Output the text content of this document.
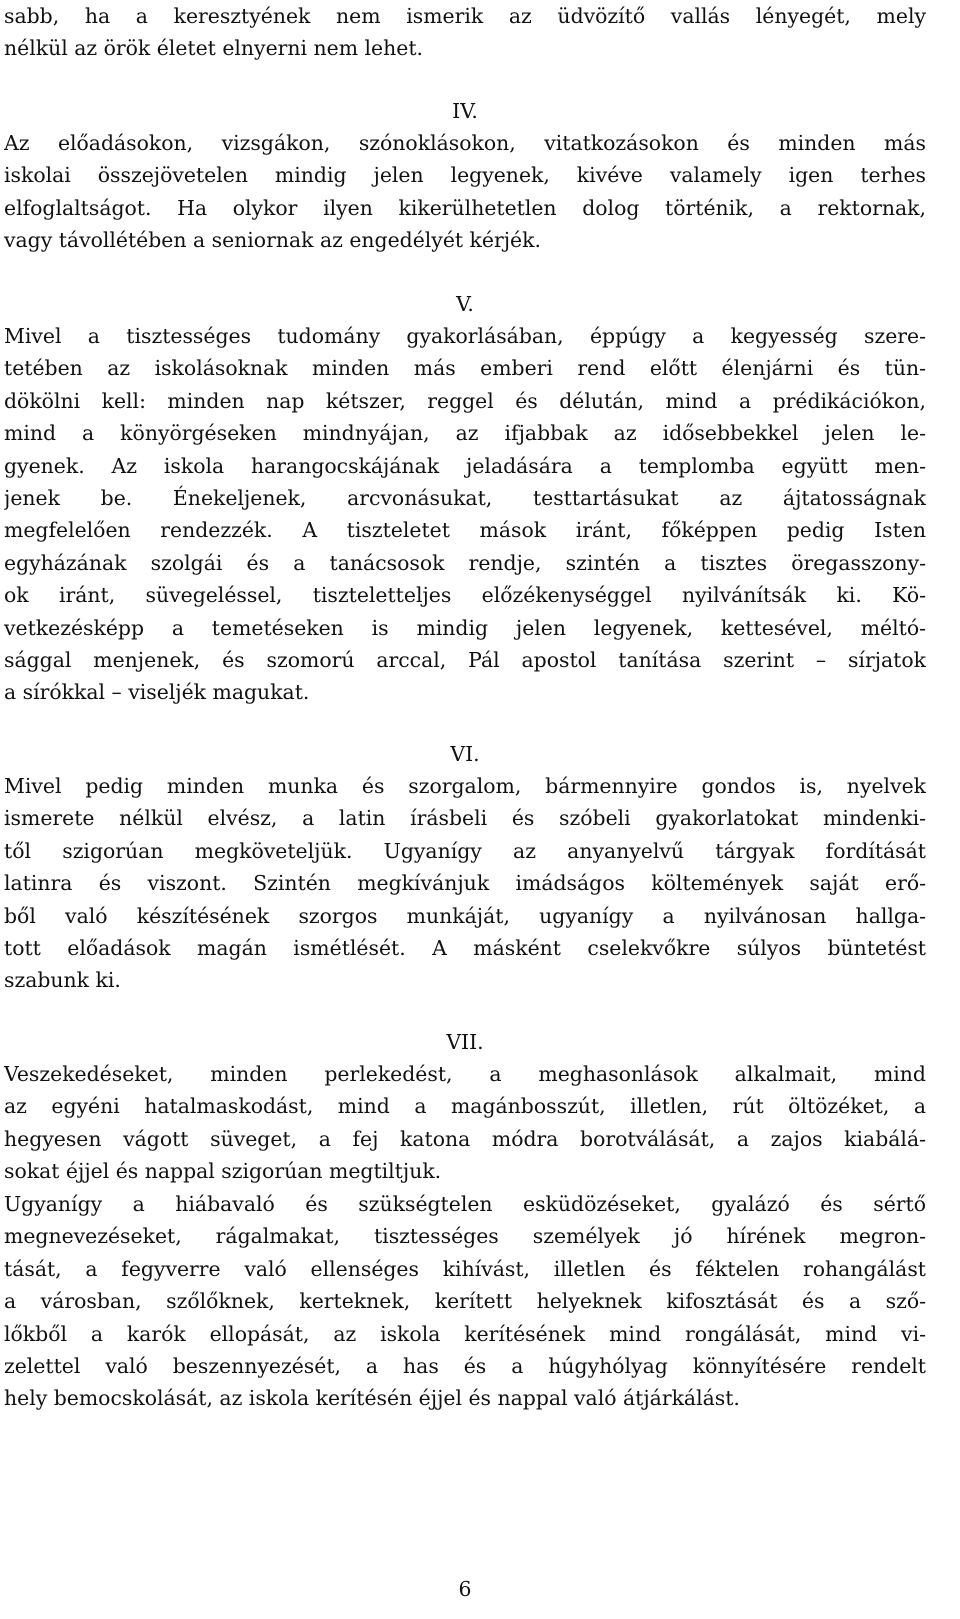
sabb, ha a keresztyének nem ismerik az üdvözítő vallás lényegét, mely
nélkül az örök életet elnyerni nem lehet.
IV.
Az előadásokon, vizsgákon, szónoklásokon, vitatkozásokon és minden más
iskolai összejövetelen mindig jelen legyenek, kivéve valamely igen terhes
elfoglaltságot. Ha olykor ilyen kikerülhetetlen dolog történik, a rektornak,
vagy távollétében a seniornak az engedélyét kérjék.
V.
Mivel a tisztességes tudomány gyakorlásában, éppúgy a kegyesség szere-
tetében az iskolásoknak minden más emberi rend előtt élenjárni és tün-
dökölni kell: minden nap kétszer, reggel és délután, mind a prédikációkon,
mind a könyörgéseken mindnyájan, az ifjabbak az idősebbekkel jelen le-
gyenek. Az iskola harangocskájának jeladására a templomba együtt men-
jenek be. Énekeljenek, arcvonásukat, testtartásukat az ájtatosságnak
megfelelően rendezzék. A tiszteletet mások iránt, főképpen pedig Isten
egyházának szolgái és a tanácsosok rendje, szintén a tisztes öregasszony-
ok iránt, süvegeléssel, tiszteletteljes előzékenységgel nyilvánítsák ki. Kö-
vetkezésképp a temetéseken is mindig jelen legyenek, kettesével, méltó-
sággal menjenek, és szomorú arccal, Pál apostol tanítása szerint – sírjatok
a sírókkal – viseljék magukat.
VI.
Mivel pedig minden munka és szorgalom, bármennyire gondos is, nyelvek
ismerete nélkül elvész, a latin írásbeli és szóbeli gyakorlatokat mindenki-
től szigorúan megköveteljük. Ugyanígy az anyanyelvű tárgyak fordítását
latinra és viszont. Szintén megkívánjuk imádságos költemények saját erő-
ből való készítésének szorgos munkáját, ugyanígy a nyilvánosan hallga-
tott előadások magán ismétlését. A másként cselekvőkre súlyos büntetést
szabunk ki.
VII.
Veszekedéseket, minden perlekedést, a meghasonlások alkalmait, mind
az egyéni hatalmaskodást, mind a magánbosszút, illetlen, rút öltözéket, a
hegyesen vágott süveget, a fej katona módra borotválását, a zajos kiabálá-
sokat éjjel és nappal szigorúan megtiltjuk.
Ugyanígy a hiábavaló és szükségtelen esküdözéseket, gyalázó és sértő
megnevezéseket, rágalmakat, tisztességes személyek jó hírének megron-
tását, a fegyverre való ellenséges kihívást, illetlen és féktelen rohangálást
a városban, szőlőknek, kerteknek, kerített helyeknek kifosztását és a sző-
lőkből a karók ellopását, az iskola kerítésének mind rongálását, mind vi-
zelettel való beszennyezését, a has és a húgyhólyag könnyítésére rendelt
hely bemocskolását, az iskola kerítésén éjjel és nappal való átjárkálást.
6
